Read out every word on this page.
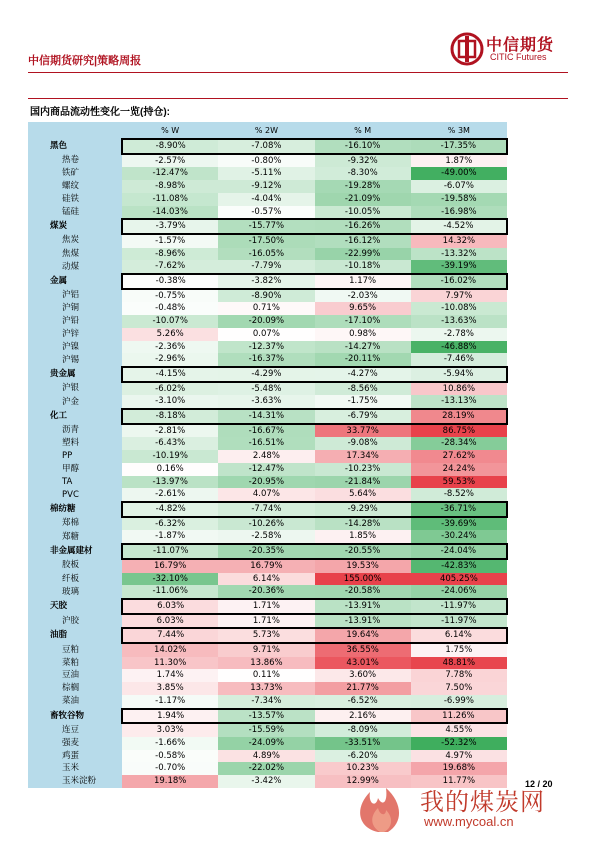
中信期货研究|策略周报
中信期货
CITIC Futures
国内商品流动性变化一览(持仓):
	% W	% 2W	% M	% 3M
黑色	-8.90%	-7.08%	-16.10%	-17.35%
热卷	-2.57%	-0.80%	-9.32%	1.87%
铁矿	-12.47%	-5.11%	-8.30%	-49.00%
螺纹	-8.98%	-9.12%	-19.28%	-6.07%
硅铁	-11.08%	-4.04%	-21.09%	-19.58%
锰硅	-14.03%	-0.57%	-10.05%	-16.98%
煤炭	-3.79%	-15.77%	-16.26%	-4.52%
焦炭	-1.57%	-17.50%	-16.12%	14.32%
焦煤	-8.96%	-16.05%	-22.99%	-13.32%
动煤	-7.62%	-7.79%	-10.18%	-39.19%
金属	-0.38%	-3.82%	1.17%	-16.02%
沪铝	-0.75%	-8.90%	-2.03%	7.97%
沪铜	-0.48%	0.71%	9.65%	-10.08%
沪铅	-10.07%	-20.09%	-17.10%	-13.63%
沪锌	5.26%	0.07%	0.98%	-2.78%
沪镍	-2.36%	-12.37%	-14.27%	-46.88%
沪锡	-2.96%	-16.37%	-20.11%	-7.46%
贵金属	-4.15%	-4.29%	-4.27%	-5.94%
沪银	-6.02%	-5.48%	-8.56%	10.86%
沪金	-3.10%	-3.63%	-1.75%	-13.13%
化工	-8.18%	-14.31%	-6.79%	28.19%
沥青	-2.81%	-16.67%	33.77%	86.75%
塑料	-6.43%	-16.51%	-9.08%	-28.34%
PP	-10.19%	2.48%	17.34%	27.62%
甲醇	0.16%	-12.47%	-10.23%	24.24%
TA	-13.97%	-20.95%	-21.84%	59.53%
PVC	-2.61%	4.07%	5.64%	-8.52%
棉纺糖	-4.82%	-7.74%	-9.29%	-36.71%
郑棉	-6.32%	-10.26%	-14.28%	-39.69%
郑糖	-1.87%	-2.58%	1.85%	-30.24%
非金属建材	-11.07%	-20.35%	-20.55%	-24.04%
胶板	16.79%	16.79%	19.53%	-42.83%
纤板	-32.10%	6.14%	155.00%	405.25%
玻璃	-11.06%	-20.36%	-20.58%	-24.06%
天胶	6.03%	1.71%	-13.91%	-11.97%
沪胶	6.03%	1.71%	-13.91%	-11.97%
油脂	7.44%	5.73%	19.64%	6.14%
豆粕	14.02%	9.71%	36.55%	1.75%
菜粕	11.30%	13.86%	43.01%	48.81%
豆油	1.74%	0.11%	3.60%	7.78%
棕榈	3.85%	13.73%	21.77%	7.50%
菜油	-1.17%	-7.34%	-6.52%	-6.99%
畜牧谷物	1.94%	-13.57%	2.16%	11.26%
连豆	3.03%	-15.59%	-8.09%	4.55%
强麦	-1.66%	-24.09%	-33.51%	-52.32%
鸡蛋	-0.58%	4.89%	-6.20%	4.97%
玉米	-0.70%	-22.02%	10.23%	19.68%
玉米淀粉	19.18%	-3.42%	12.99%	11.77%	12 / 20
我的煤炭网
www.mycoal.cn
